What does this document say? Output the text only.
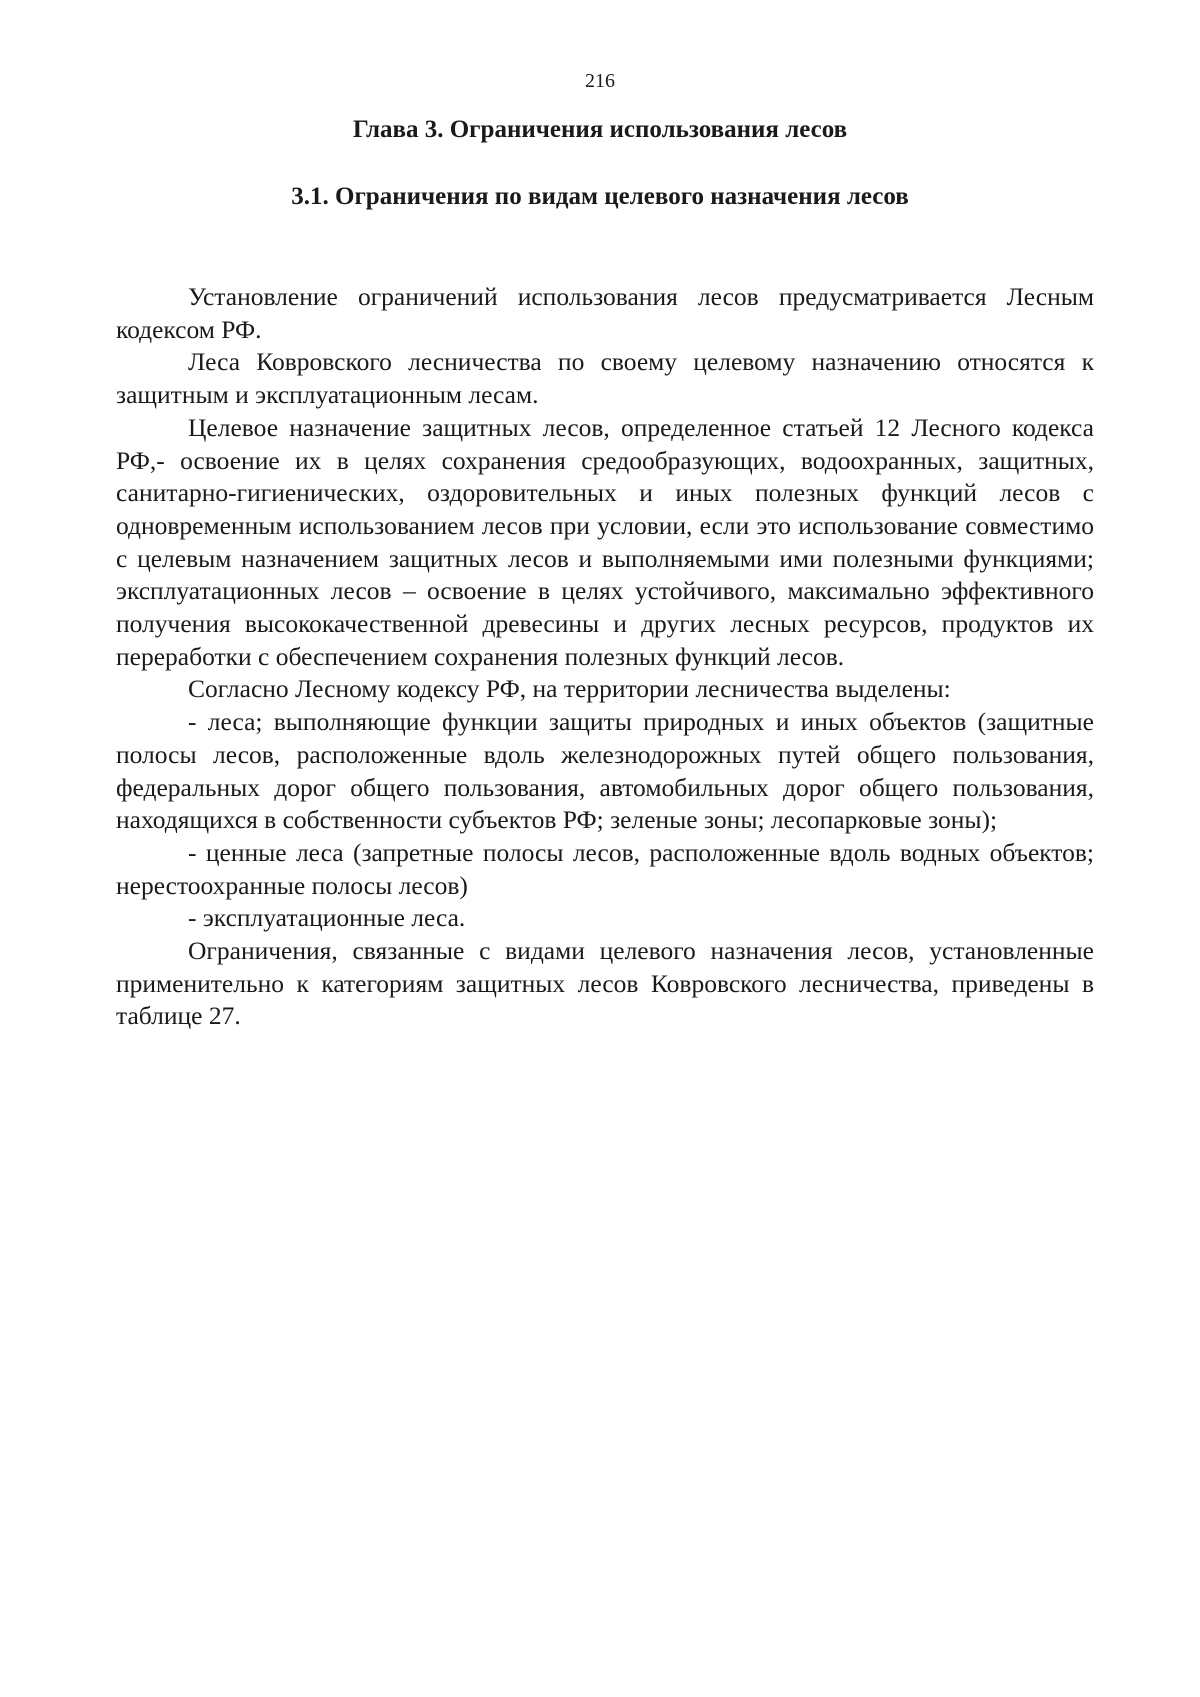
216
Глава 3. Ограничения использования лесов
3.1. Ограничения по видам целевого назначения лесов

Установление ограничений использования лесов предусматривается Лесным кодексом РФ.

Леса Ковровского лесничества по своему целевому назначению относятся к защитным и эксплуатационным лесам.

Целевое назначение защитных лесов, определенное статьей 12 Лесного кодекса РФ,- освоение их в целях сохранения средообразующих, водоохранных, защитных, санитарно-гигиенических, оздоровительных и иных полезных функций лесов с одновременным использованием лесов при условии, если это использование совместимо с целевым назначением защитных лесов и выполняемыми ими полезными функциями; эксплуатационных лесов – освоение в целях устойчивого, максимально эффективного получения высококачественной древесины и других лесных ресурсов, продуктов их переработки с обеспечением сохранения полезных функций лесов.

Согласно Лесному кодексу РФ, на территории лесничества выделены:

- леса; выполняющие функции защиты природных и иных объектов (защитные полосы лесов, расположенные вдоль железнодорожных путей общего пользования, федеральных дорог общего пользования, автомобильных дорог общего пользования, находящихся в собственности субъектов РФ; зеленые зоны; лесопарковые зоны);

- ценные леса (запретные полосы лесов, расположенные вдоль водных объектов; нерестоохранные полосы лесов)

- эксплуатационные леса.

Ограничения, связанные с видами целевого назначения лесов, установленные применительно к категориям защитных лесов Ковровского лесничества, приведены в таблице 27.
